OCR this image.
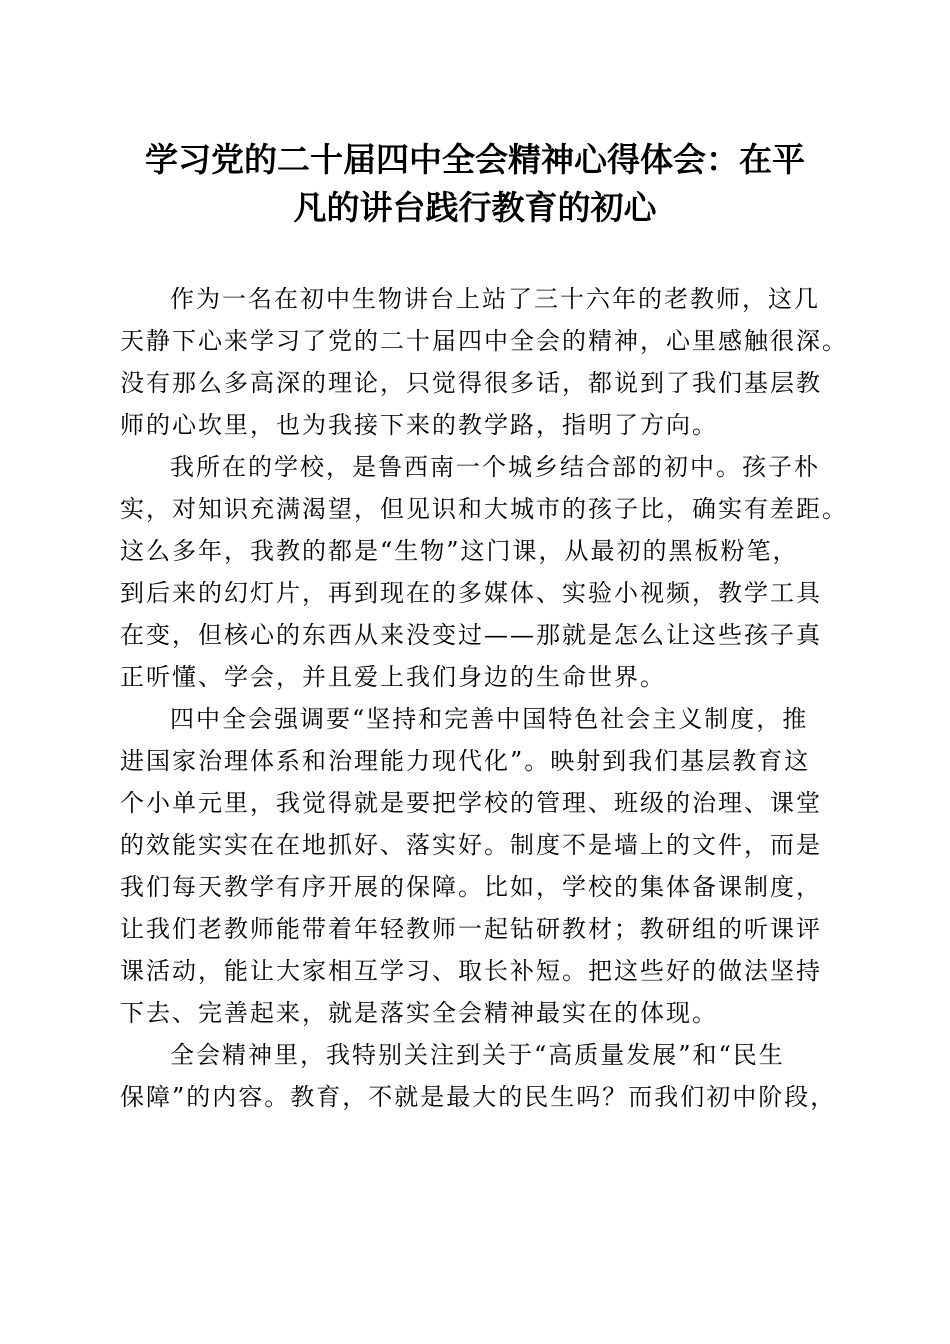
学习党的二十届四中全会精神心得体会：在平
凡的讲台践行教育的初心

作为一名在初中生物讲台上站了三十六年的老教师，这几
天静下心来学习了党的二十届四中全会的精神，心里感触很深。
没有那么多高深的理论，只觉得很多话，都说到了我们基层教
师的心坎里，也为我接下来的教学路，指明了方向。

我所在的学校，是鲁西南一个城乡结合部的初中。孩子朴
实，对知识充满渴望，但见识和大城市的孩子比，确实有差距。
这么多年，我教的都是“生物”这门课，从最初的黑板粉笔，
到后来的幻灯片，再到现在的多媒体、实验小视频，教学工具
在变，但核心的东西从来没变过——那就是怎么让这些孩子真
正听懂、学会，并且爱上我们身边的生命世界。

四中全会强调要“坚持和完善中国特色社会主义制度，推
进国家治理体系和治理能力现代化”。映射到我们基层教育这
个小单元里，我觉得就是要把学校的管理、班级的治理、课堂
的效能实实在在地抓好、落实好。制度不是墙上的文件，而是
我们每天教学有序开展的保障。比如，学校的集体备课制度，
让我们老教师能带着年轻教师一起钻研教材；教研组的听课评
课活动，能让大家相互学习、取长补短。把这些好的做法坚持
下去、完善起来，就是落实全会精神最实在的体现。

全会精神里，我特别关注到关于“高质量发展”和“民生
保障”的内容。教育，不就是最大的民生吗？而我们初中阶段，
